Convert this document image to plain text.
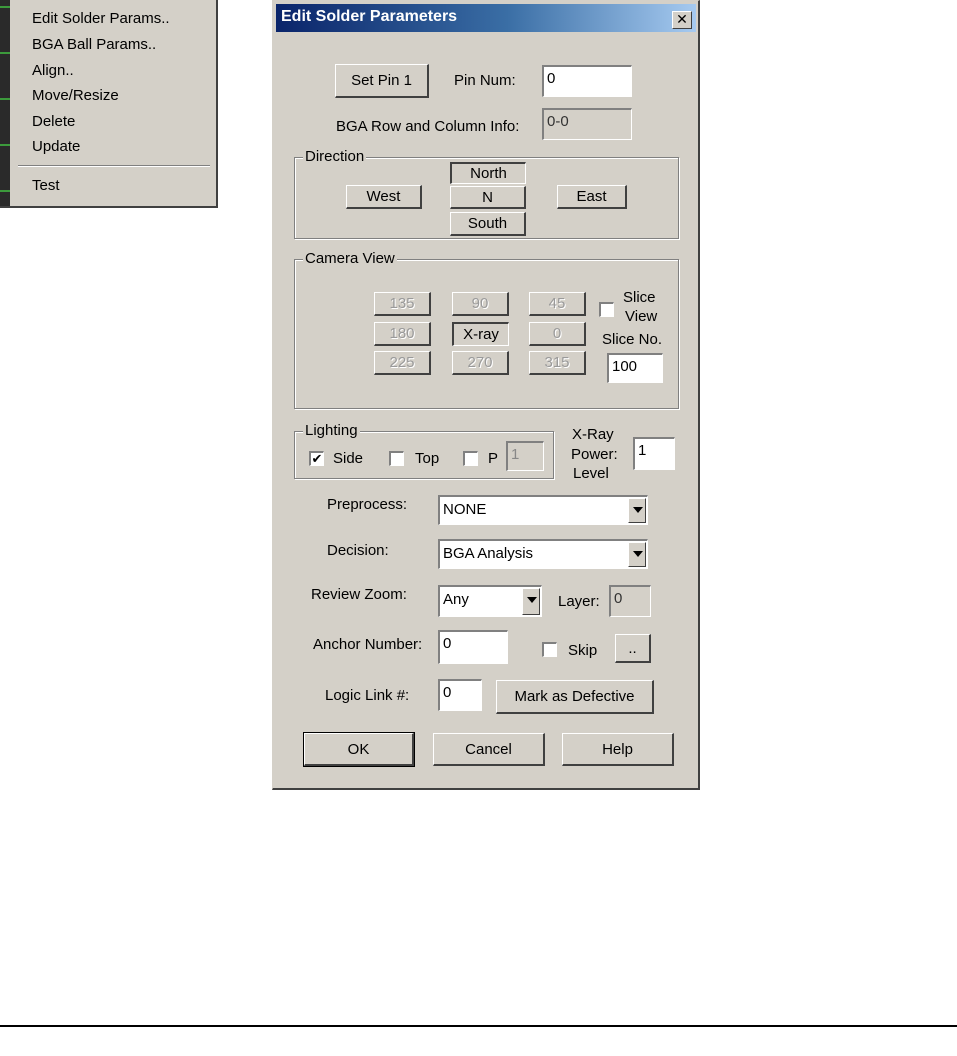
Edit Solder Params..
BGA Ball Params..
Align..
Move/Resize
Delete
Update
Test
Edit Solder Parameters	✕
Set Pin 1	Pin Num:	0
BGA Row and Column Info:	0-0
Direction
North
West	N	East
South
Camera View
135	90	45
180	X-ray	0
225	270	315
Slice
View
Slice No.
100
Lighting
✔ Side	Top	P 1
X-Ray
Power:
Level
1
Preprocess: NONE
Decision:	BGA Analysis
Review Zoom: Any	Layer: 0
Anchor Number:	0	Skip	..
Logic Link #:	0	Mark as Defective
OK	Cancel	Help
